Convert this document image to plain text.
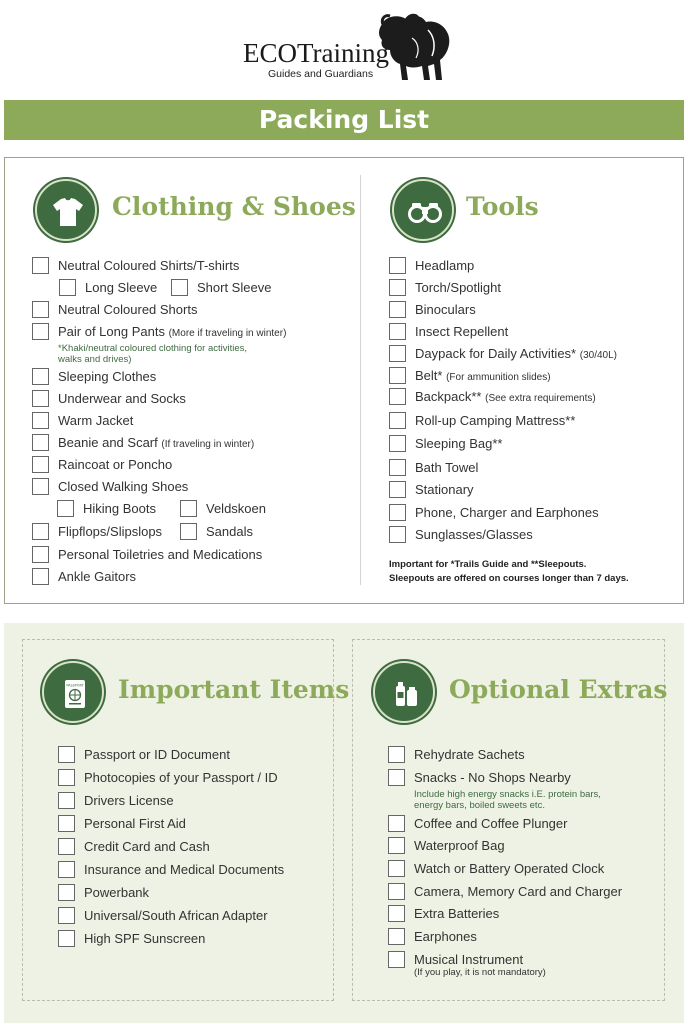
ECOTraining
Guides and Guardians
Packing List
Clothing & Shoes
Neutral Coloured Shirts/T-shirts
Long Sleeve	Short Sleeve
Neutral Coloured Shorts
Pair of Long Pants (More if traveling in winter)
*Khaki/neutral coloured clothing for activities,
walks and drives)
Sleeping Clothes
Underwear and Socks
Warm Jacket
Beanie and Scarf (If traveling in winter)
Raincoat or Poncho
Closed Walking Shoes
Hiking Boots	Veldskoen
Flipflops/Slipslops	Sandals
Personal Toiletries and Medications
Ankle Gaitors
Tools
Headlamp
Torch/Spotlight
Binoculars
Insect Repellent
Daypack for Daily Activities* (30/40L)
Belt* (For ammunition slides)
Backpack** (See extra requirements)
Roll-up Camping Mattress**
Sleeping Bag**
Bath Towel
Stationary
Phone, Charger and Earphones
Sunglasses/Glasses
Important for *Trails Guide and **Sleepouts.
Sleepouts are offered on courses longer than 7 days.
PASSPORT Important Items
Passport or ID Document
Photocopies of your Passport / ID
Drivers License
Personal First Aid
Credit Card and Cash
Insurance and Medical Documents
Powerbank
Universal/South African Adapter
High SPF Sunscreen
Optional Extras
Rehydrate Sachets
Snacks - No Shops Nearby
Include high energy snacks i.E. protein bars,
energy bars, boiled sweets etc.
Coffee and Coffee Plunger
Waterproof Bag
Watch or Battery Operated Clock
Camera, Memory Card and Charger
Extra Batteries
Earphones
Musical Instrument
(If you play, it is not mandatory)
